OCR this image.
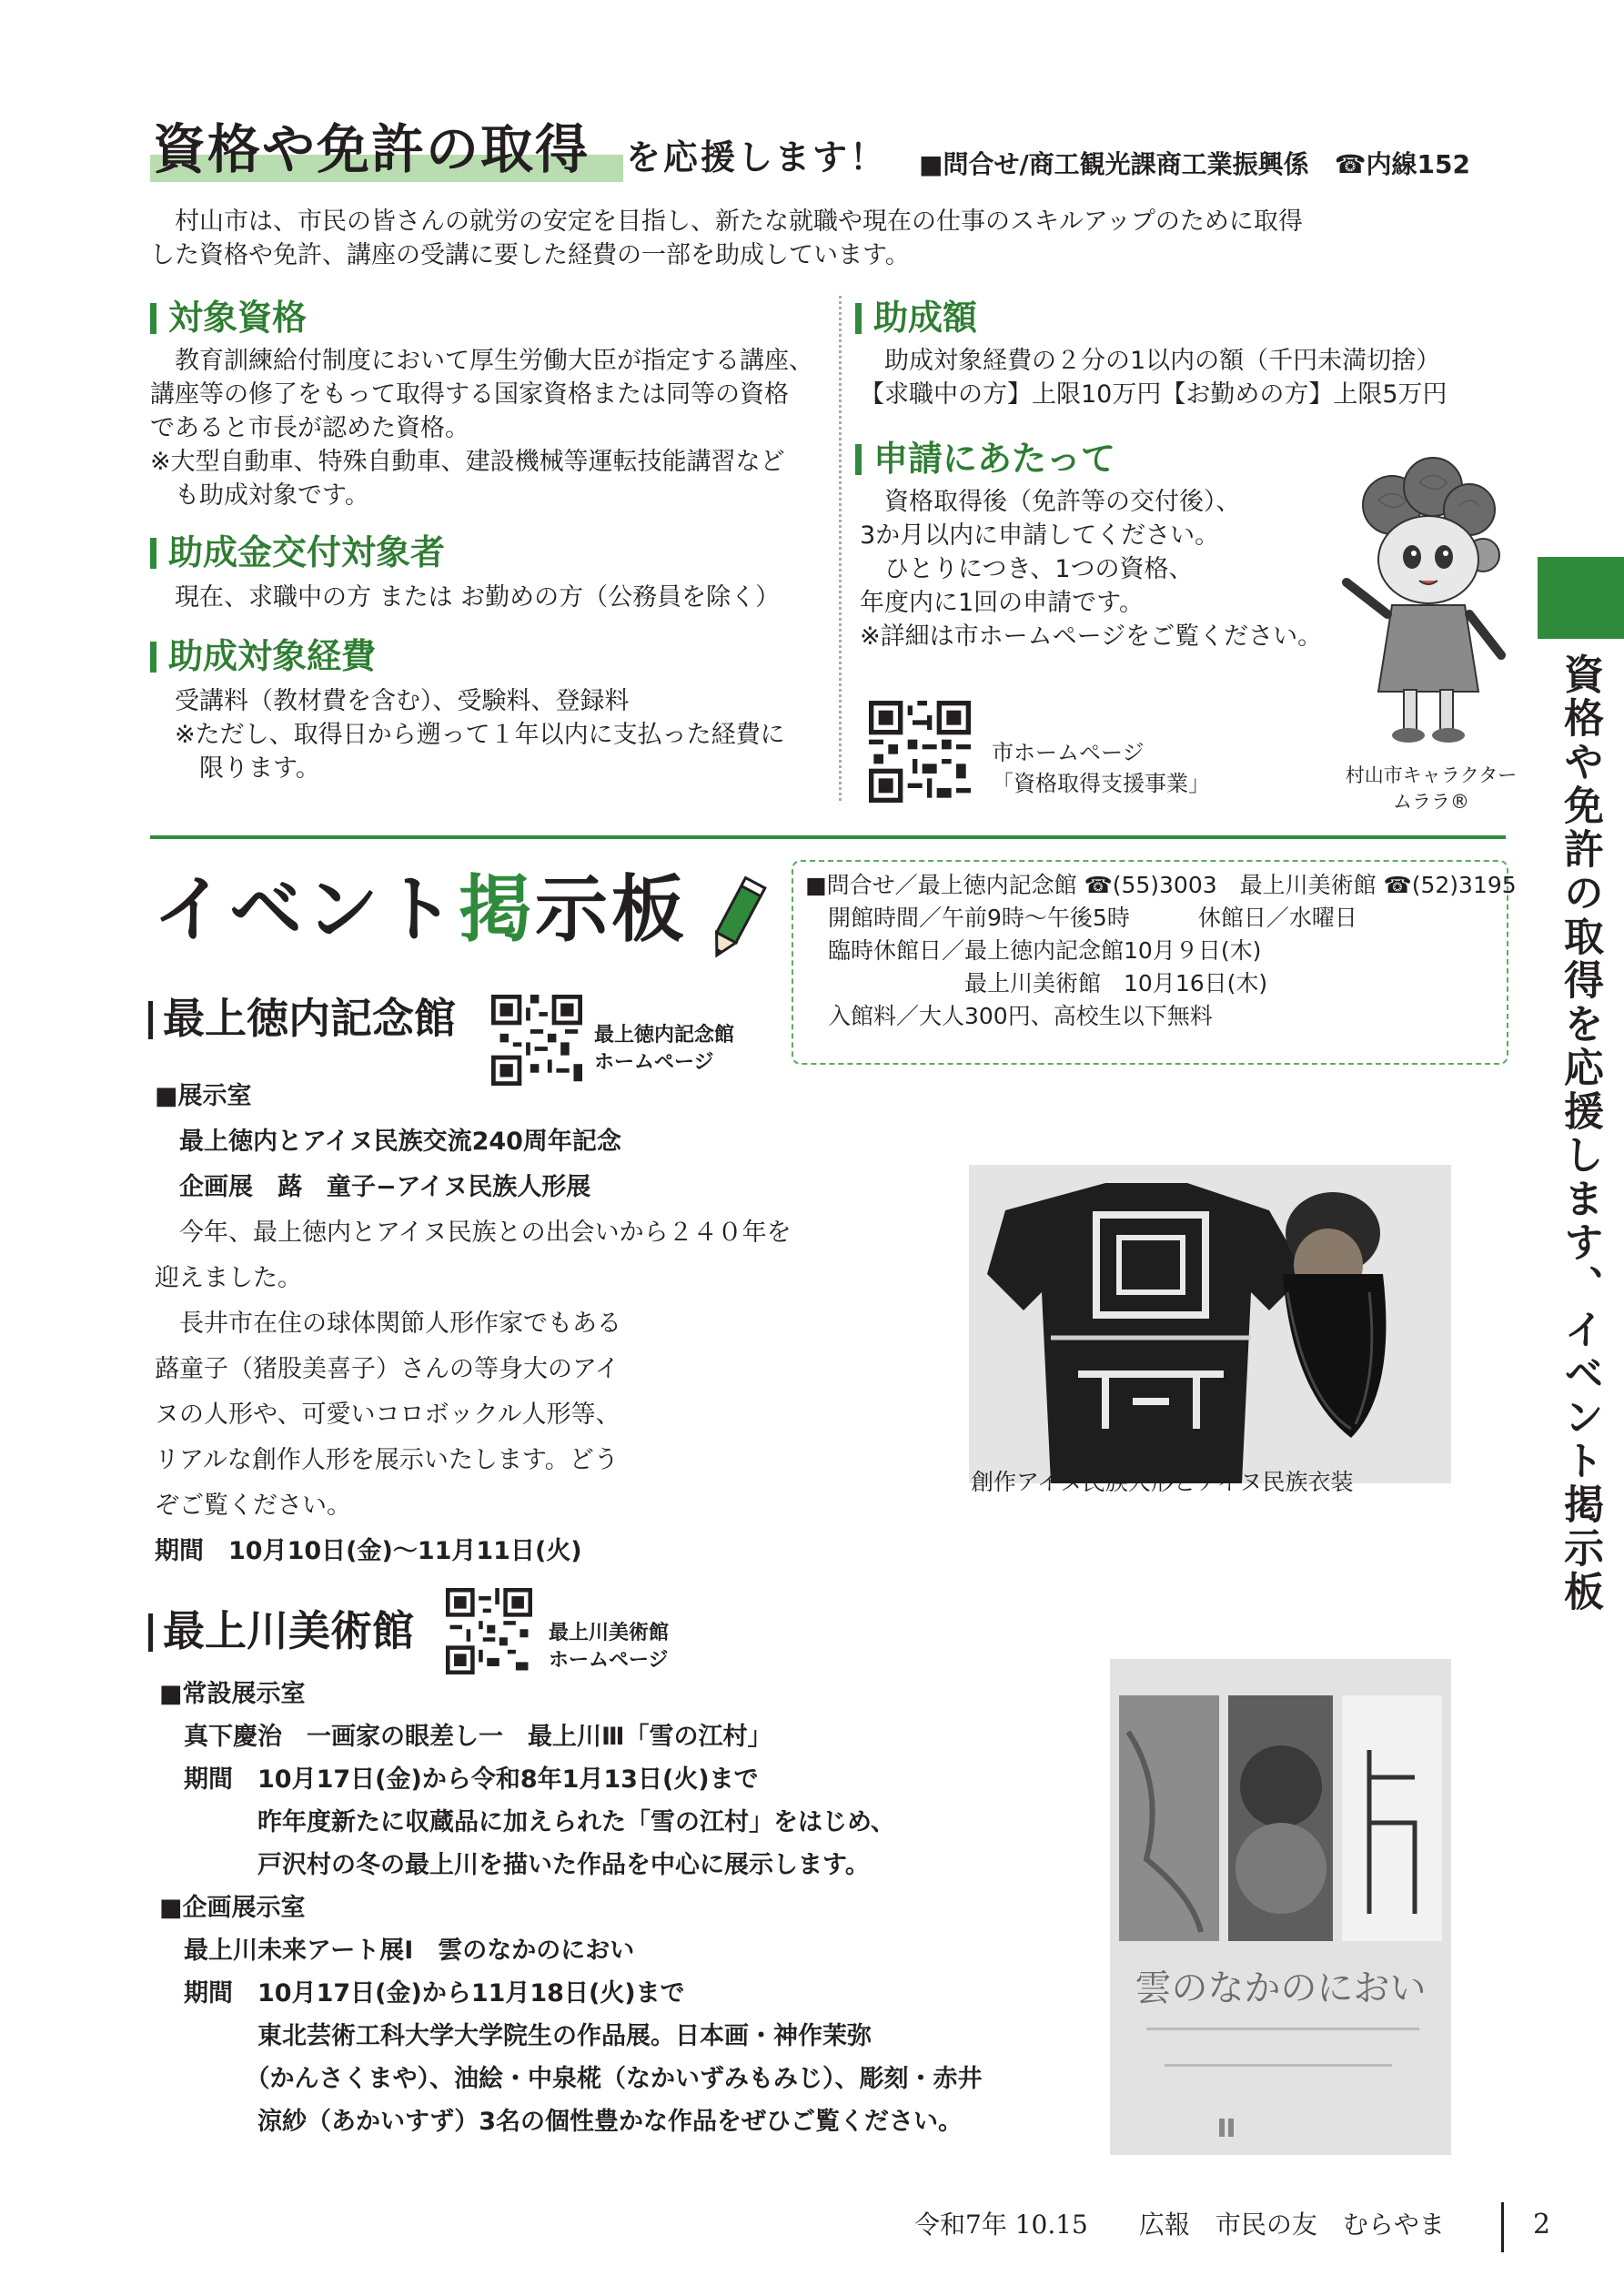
資格や免許の取得 を応援します！ ■問合せ/商工観光課商工業振興係　☎内線152
　村山市は、市民の皆さんの就労の安定を目指し、新たな就職や現在の仕事のスキルアップのために取得
した資格や免許、講座の受講に要した経費の一部を助成しています。
対象資格
　教育訓練給付制度において厚生労働大臣が指定する講座、
講座等の修了をもって取得する国家資格または同等の資格
であると市長が認めた資格。
※大型自動車、特殊自動車、建設機械等運転技能講習など
　も助成対象です。
助成金交付対象者
　現在、求職中の方 または お勤めの方（公務員を除く）
助成対象経費
　受講料（教材費を含む）、受験料、登録料
　※ただし、取得日から遡って１年以内に支払った経費に
　　限ります。
助成額
　助成対象経費の２分の1以内の額（千円未満切捨）
【求職中の方】上限10万円【お勤めの方】上限5万円
申請にあたって
　資格取得後（免許等の交付後）、
3か月以内に申請してください。
　ひとりにつき、1つの資格、
年度内に1回の申請です。
※詳細は市ホームページをご覧ください。
市ホームページ
「資格取得支援事業」	村山市キャラクター
ムララ®
イベント掲示板	■問合せ／最上徳内記念館 ☎(55)3003　最上川美術館 ☎(52)3195
　開館時間／午前9時〜午後5時　　　休館日／水曜日
　臨時休館日／最上徳内記念館10月９日(木)
　　　　　　　最上川美術館　10月16日(木)
　入館料／大人300円、高校生以下無料
最上徳内記念館	最上徳内記念館
ホームページ
■展示室
　最上徳内とアイヌ民族交流240周年記念
　企画展　蕗　童子−アイヌ民族人形展
　今年、最上徳内とアイヌ民族との出会いから２４０年を
迎えました。
　長井市在住の球体関節人形作家でもある
蕗童子（猪股美喜子）さんの等身大のアイ
ヌの人形や、可愛いコロボックル人形等、
リアルな創作人形を展示いたします。どう
ぞご覧ください。
期間　10月10日(金)〜11月11日(火)
創作アイヌ民族人形とアイヌ民族衣装
最上川美術館	最上川美術館
ホームページ
■常設展示室
　真下慶治　一画家の眼差し一　最上川Ⅲ「雪の江村」
　期間　10月17日(金)から令和8年1月13日(火)まで
　　　　昨年度新たに収蔵品に加えられた「雪の江村」をはじめ、
　　　　戸沢村の冬の最上川を描いた作品を中心に展示します。
■企画展示室
　最上川未来アート展Ⅰ　雲のなかのにおい
　期間　10月17日(金)から11月18日(火)まで
　　　　東北芸術工科大学大学院生の作品展。日本画・神作茉弥
　　　　（かんさくまや）、油絵・中泉椛（なかいずみもみじ）、彫刻・赤井
　　　　涼紗（あかいすず）3名の個性豊かな作品をぜひご覧ください。
雲のなかのにおい
資格や免許の取得を応援します、イベント掲示板
令和7年 10.15　　広報　市民の友　むらやま	2
